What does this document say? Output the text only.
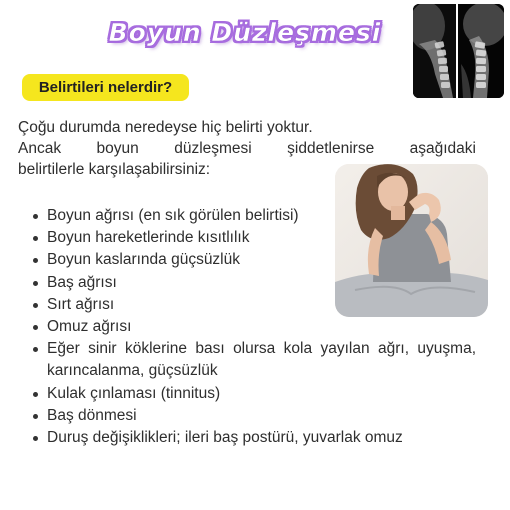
Boyun Düzleşmesi
Belirtileri nelerdir?
Çoğu durumda neredeyse hiç belirti yoktur.
Ancak boyun düzleşmesi şiddetlenirse aşağıdaki
belirtilerle karşılaşabilirsiniz:
Boyun ağrısı (en sık görülen belirtisi)
Boyun hareketlerinde kısıtlılık
Boyun kaslarında güçsüzlük
Baş ağrısı
Sırt ağrısı
Omuz ağrısı
Eğer sinir köklerine bası olursa kola yayılan ağrı, uyuşma, karıncalanma, güçsüzlük
Kulak çınlaması (tinnitus)
Baş dönmesi
Duruş değişiklikleri; ileri baş postürü, yuvarlak omuz
